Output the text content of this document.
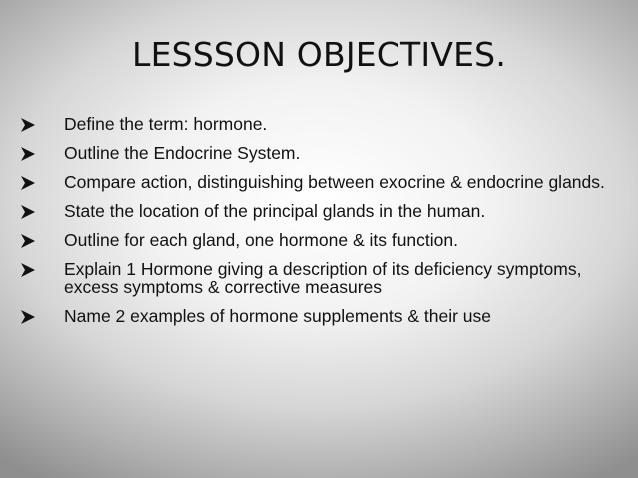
LESSSON OBJECTIVES.
Define the term: hormone.
Outline the Endocrine System.
Compare action, distinguishing between exocrine & endocrine glands.
State the location of the principal glands in the human.
Outline for each gland, one hormone & its function.
Explain 1 Hormone giving a description of its deficiency symptoms, excess symptoms & corrective measures
Name 2 examples of hormone supplements & their use
